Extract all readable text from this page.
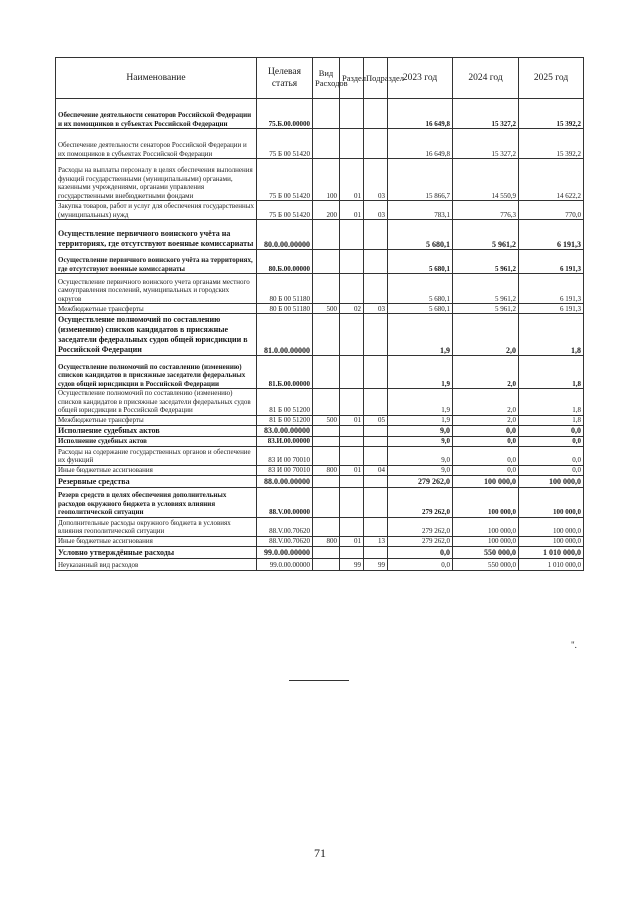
Наименование	Целевая статья	Вид Расходов	Раздел	Подраздел	2023 год	2024 год	2025 год
Обеспечение деятельности сенаторов Российской Федерации и их помощников в субъектах Российской Федерации	75.Б.00.00000				16 649,8	15 327,2	15 392,2
Обеспечение деятельности сенаторов Российской Федерации и их помощников в субъектах Российской Федерации	75 Б 00 51420				16 649,8	15 327,2	15 392,2
Расходы на выплаты персоналу в целях обеспечения выполнения функций государственными (муниципальными) органами, казенными учреждениями, органами управления государственными внебюджетными фондами	75 Б 00 51420	100	01	03	15 866,7	14 550,9	14 622,2
Закупка товаров, работ и услуг для обеспечения государственных (муниципальных) нужд	75 Б 00 51420	200	01	03	783,1	776,3	770,0
Осуществление первичного воинского учёта на территориях, где отсутствуют военные комиссариаты	80.0.00.00000				5 680,1	5 961,2	6 191,3
Осуществление первичного воинского учёта на территориях, где отсутствуют военные комиссариаты	80.Б.00.00000				5 680,1	5 961,2	6 191,3
Осуществление первичного воинского учета органами местного самоуправления поселений, муниципальных и городских округов	80 Б 00 51180				5 680,1	5 961,2	6 191,3
Межбюджетные трансферты	80 Б 00 51180	500	02	03	5 680,1	5 961,2	6 191,3
Осуществление полномочий по составлению (изменению) списков кандидатов в присяжные заседатели федеральных судов общей юрисдикции в Российской Федерации	81.0.00.00000				1,9	2,0	1,8
Осуществление полномочий по составлению (изменению) списков кандидатов в присяжные заседатели федеральных судов общей юрисдикции в Российской Федерации	81.Б.00.00000				1,9	2,0	1,8
Осуществление полномочий по составлению (изменению) списков кандидатов в присяжные заседатели федеральных судов общей юрисдикции в Российской Федерации	81 Б 00 51200				1,9	2,0	1,8
Межбюджетные трансферты	81 Б 00 51200	500	01	05	1,9	2,0	1,8
Исполнение судебных актов	83.0.00.00000				9,0	0,0	0,0
Исполнение судебных актов	83.И.00.00000				9,0	0,0	0,0
Расходы на содержание государственных органов и обеспечение их функций	83 И 00 70010				9,0	0,0	0,0
Иные бюджетные ассигнования	83 И 00 70010	800	01	04	9,0	0,0	0,0
Резервные средства	88.0.00.00000				279 262,0	100 000,0	100 000,0
Резерв средств в целях обеспечения дополнительных расходов окружного бюджета в условиях влияния геополитической ситуации	88.V.00.00000				279 262,0	100 000,0	100 000,0
Дополнительные расходы окружного бюджета в условиях влияния геополитической ситуации	88.V.00.70620				279 262,0	100 000,0	100 000,0
Иные бюджетные ассигнования	88.V.00.70620	800	01	13	279 262,0	100 000,0	100 000,0
Условно утверждённые расходы	99.0.00.00000				0,0	550 000,0	1 010 000,0
Неуказанный вид расходов	99.0.00.00000		99	99	0,0	550 000,0	1 010 000,0
".
71
